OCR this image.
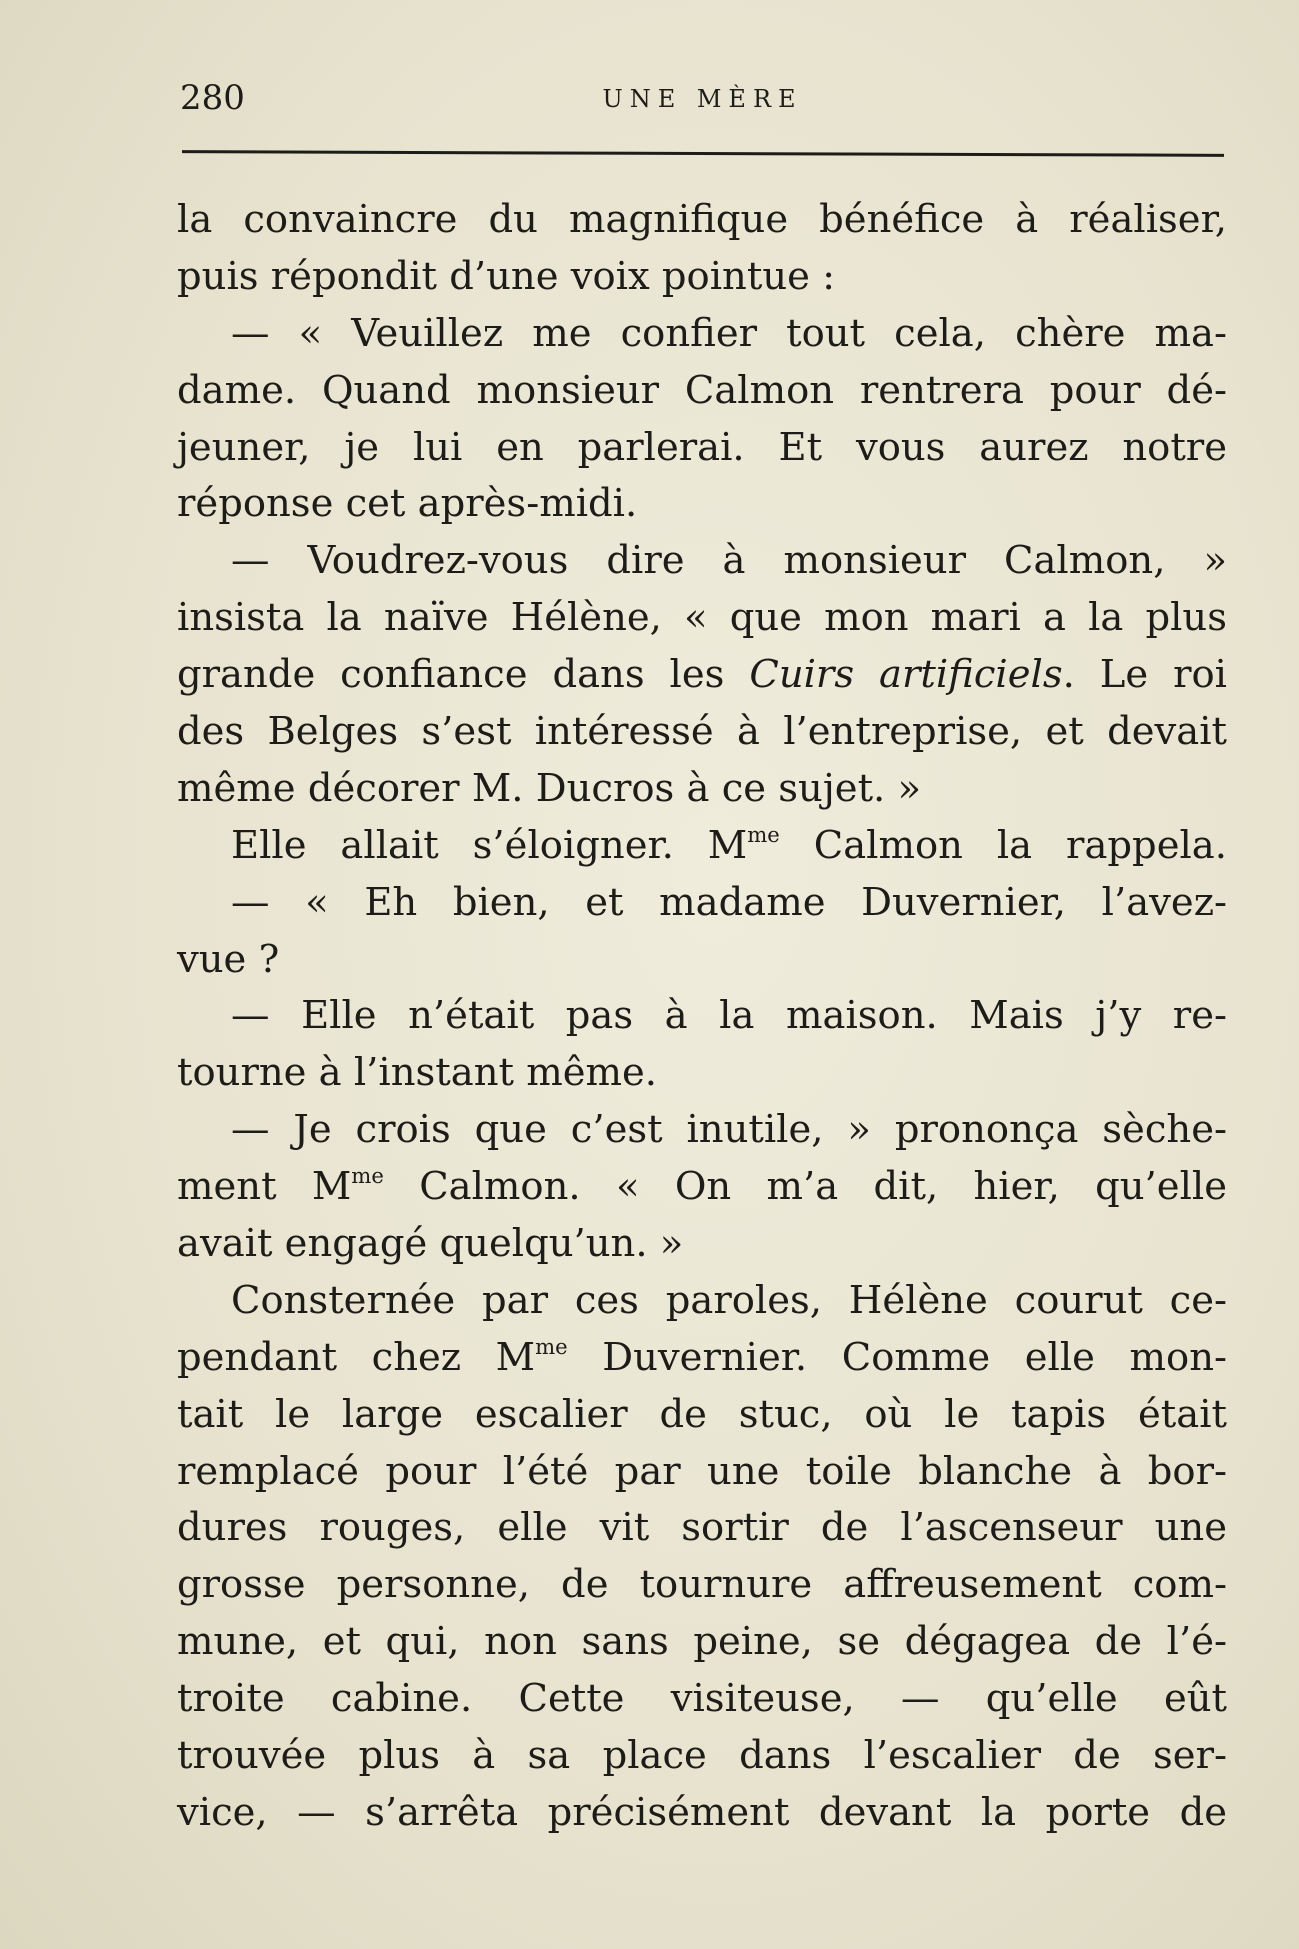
280	UNE MÈRE
la convaincre du magnifique bénéfice à réaliser,
puis répondit d’une voix pointue :
— « Veuillez me confier tout cela, chère ma-
dame. Quand monsieur Calmon rentrera pour dé-
jeuner, je lui en parlerai. Et vous aurez notre
réponse cet après-midi.
— Voudrez-vous dire à monsieur Calmon, »
insista la naïve Hélène, « que mon mari a la plus
grande confiance dans les Cuirs artificiels. Le roi
des Belges s’est intéressé à l’entreprise, et devait
même décorer M. Ducros à ce sujet. »
Elle allait s’éloigner. $M^{me}$ Calmon la rappela.
— « Eh bien, et madame Duvernier, l’avez-
vue ?
— Elle n’était pas à la maison. Mais j’y re-
tourne à l’instant même.
— Je crois que c’est inutile, » prononça sèche-
ment $M^{me}$ Calmon. « On m’a dit, hier, qu’elle
avait engagé quelqu’un. »
Consternée par ces paroles, Hélène courut ce-
pendant chez $M^{me}$ Duvernier. Comme elle mon-
tait le large escalier de stuc, où le tapis était
remplacé pour l’été par une toile blanche à bor-
dures rouges, elle vit sortir de l’ascenseur une
grosse personne, de tournure affreusement com-
mune, et qui, non sans peine, se dégagea de l’é-
troite cabine. Cette visiteuse, — qu’elle eût
trouvée plus à sa place dans l’escalier de ser-
vice, — s’arrêta précisément devant la porte de
